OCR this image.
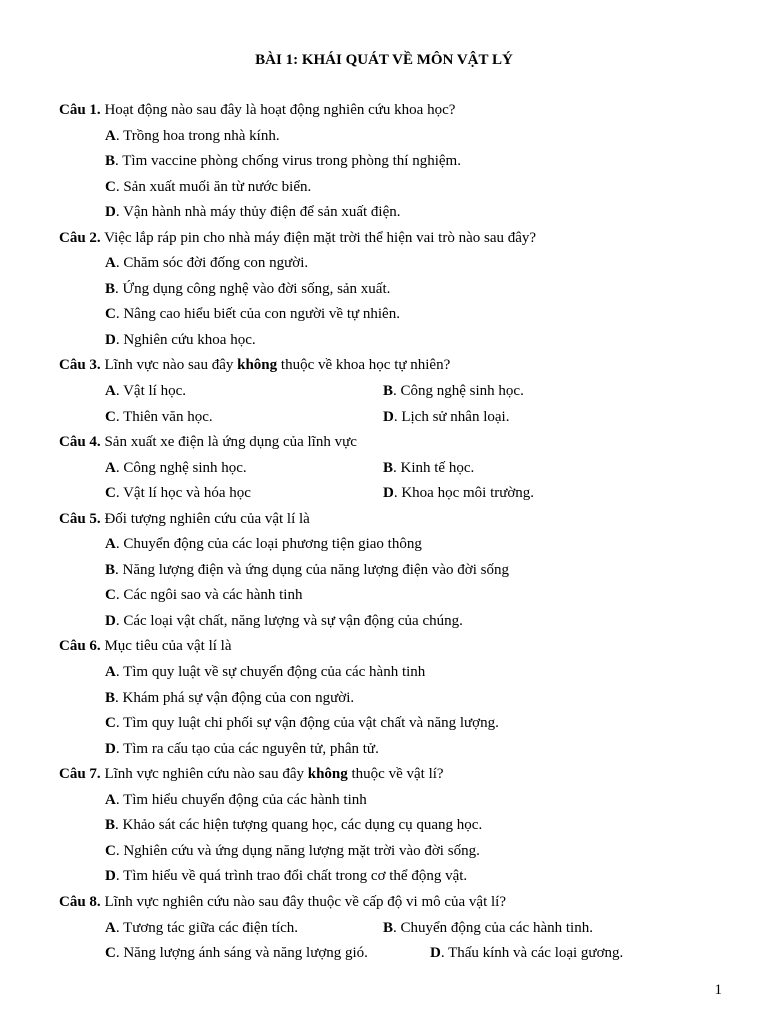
BÀI 1: KHÁI QUÁT VỀ MÔN VẬT LÝ
Câu 1. Hoạt động nào sau đây là hoạt động nghiên cứu khoa học?
A. Trồng hoa trong nhà kính.
B. Tìm vaccine phòng chống virus trong phòng thí nghiệm.
C. Sản xuất muối ăn từ nước biển.
D. Vận hành nhà máy thủy điện để sản xuất điện.
Câu 2. Việc lắp ráp pin cho nhà máy điện mặt trời thể hiện vai trò nào sau đây?
A. Chăm sóc đời đống con người.
B. Ứng dụng công nghệ vào đời sống, sản xuất.
C. Nâng cao hiểu biết của con người về tự nhiên.
D. Nghiên cứu khoa học.
Câu 3. Lĩnh vực nào sau đây không thuộc về khoa học tự nhiên?
A. Vật lí học.	B. Công nghệ sinh học.
C. Thiên văn học.	D. Lịch sử nhân loại.
Câu 4. Sản xuất xe điện là ứng dụng của lĩnh vực
A. Công nghệ sinh học.	B. Kinh tế học.
C. Vật lí học và hóa học	D. Khoa học môi trường.
Câu 5. Đối tượng nghiên cứu của vật lí là
A. Chuyển động của các loại phương tiện giao thông
B. Năng lượng điện và ứng dụng của năng lượng điện vào đời sống
C. Các ngôi sao và các hành tinh
D. Các loại vật chất, năng lượng và sự vận động của chúng.
Câu 6. Mục tiêu của vật lí là
A. Tìm quy luật về sự chuyển động của các hành tinh
B. Khám phá sự vận động của con người.
C. Tìm quy luật chi phối sự vận động của vật chất và năng lượng.
D. Tìm ra cấu tạo của các nguyên tử, phân tử.
Câu 7. Lĩnh vực nghiên cứu nào sau đây không thuộc về vật lí?
A. Tìm hiểu chuyển động của các hành tinh
B. Khảo sát các hiện tượng quang học, các dụng cụ quang học.
C. Nghiên cứu và ứng dụng năng lượng mặt trời vào đời sống.
D. Tìm hiểu về quá trình trao đổi chất trong cơ thể động vật.
Câu 8. Lĩnh vực nghiên cứu nào sau đây thuộc về cấp độ vi mô của vật lí?
A. Tương tác giữa các điện tích.	B. Chuyển động của các hành tinh.
C. Năng lượng ánh sáng và năng lượng gió.	D. Thấu kính và các loại gương.
1
